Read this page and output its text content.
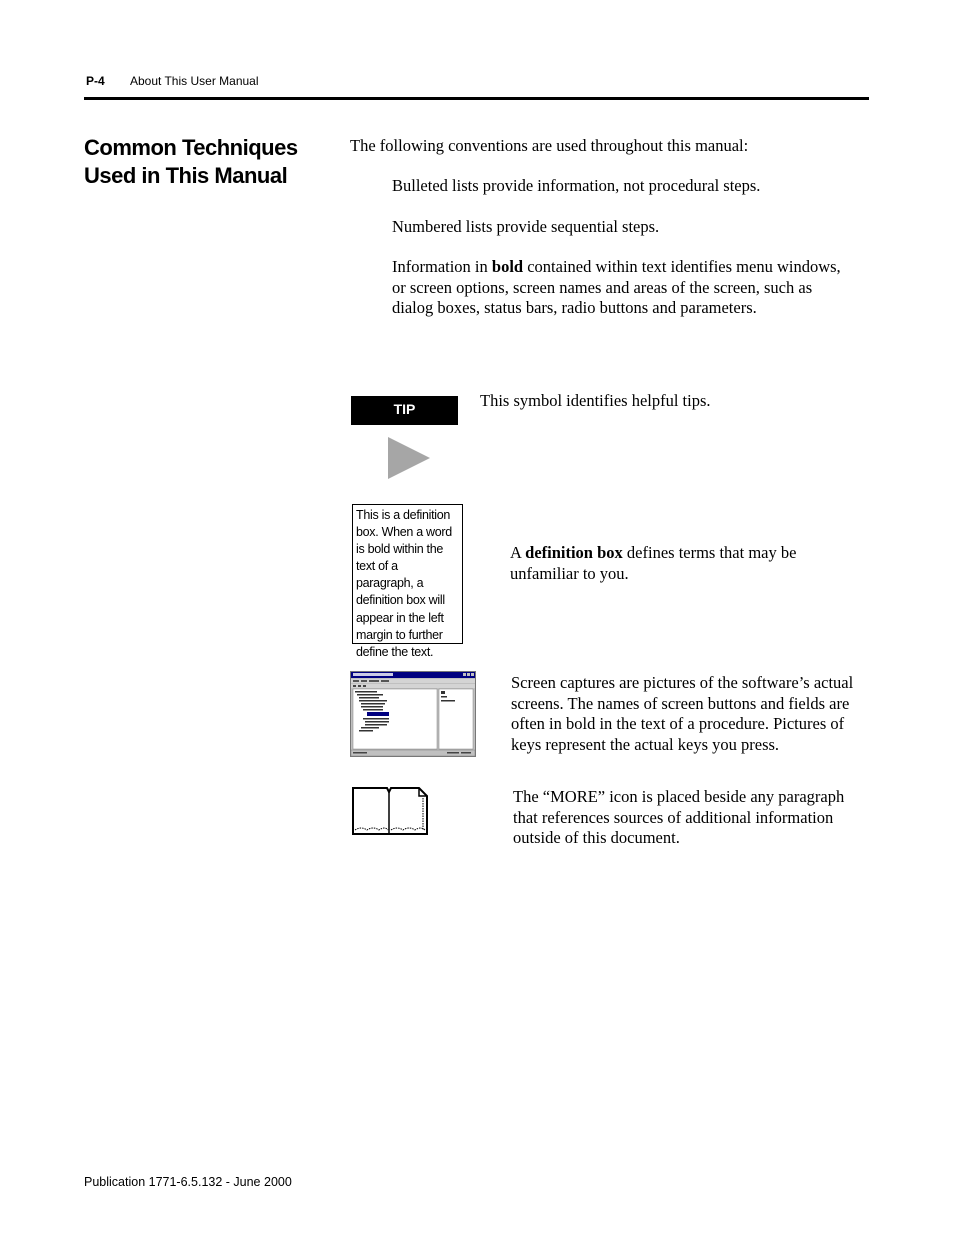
P-4 About This User Manual
Common Techniques
Used in This Manual
The following conventions are used throughout this manual:
Bulleted lists provide information, not procedural steps.
Numbered lists provide sequential steps.
Information in bold contained within text identifies menu windows, or screen options, screen names and areas of the screen, such as dialog boxes, status bars, radio buttons and parameters.
TIP	This symbol identifies helpful tips.
This is a definition box. When a word is bold within the text of a paragraph, a definition box will appear in the left margin to further define the text.
A definition box defines terms that may be unfamiliar to you.
Screen captures are pictures of the software’s actual screens. The names of screen buttons and fields are often in bold in the text of a procedure. Pictures of keys represent the actual keys you press.
The “MORE” icon is placed beside any paragraph that references sources of additional information outside of this document.
Publication 1771-6.5.132 - June 2000
